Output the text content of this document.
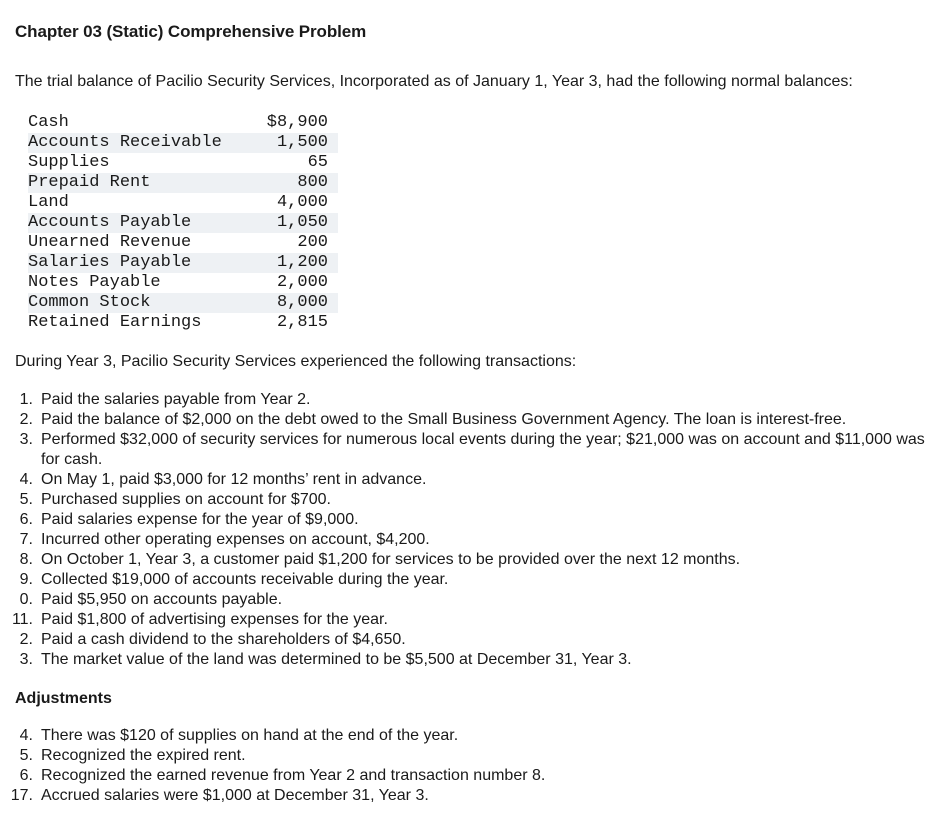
Chapter 03 (Static) Comprehensive Problem
The trial balance of Pacilio Security Services, Incorporated as of January 1, Year 3, had the following normal balances:
Cash	$8,900
Accounts Receivable	1,500
Supplies	65
Prepaid Rent	800
Land	4,000
Accounts Payable	1,050
Unearned Revenue	200
Salaries Payable	1,200
Notes Payable	2,000
Common Stock	8,000
Retained Earnings	2,815
During Year 3, Pacilio Security Services experienced the following transactions:
1. Paid the salaries payable from Year 2.
2. Paid the balance of $2,000 on the debt owed to the Small Business Government Agency. The loan is interest-free.
3. Performed $32,000 of security services for numerous local events during the year; $21,000 was on account and $11,000 was for cash.
4. On May 1, paid $3,000 for 12 months’ rent in advance.
5. Purchased supplies on account for $700.
6. Paid salaries expense for the year of $9,000.
7. Incurred other operating expenses on account, $4,200.
8. On October 1, Year 3, a customer paid $1,200 for services to be provided over the next 12 months.
9. Collected $19,000 of accounts receivable during the year.
0. Paid $5,950 on accounts payable.
11. Paid $1,800 of advertising expenses for the year.
2. Paid a cash dividend to the shareholders of $4,650.
3. The market value of the land was determined to be $5,500 at December 31, Year 3.
Adjustments
4. There was $120 of supplies on hand at the end of the year.
5. Recognized the expired rent.
6. Recognized the earned revenue from Year 2 and transaction number 8.
17. Accrued salaries were $1,000 at December 31, Year 3.
